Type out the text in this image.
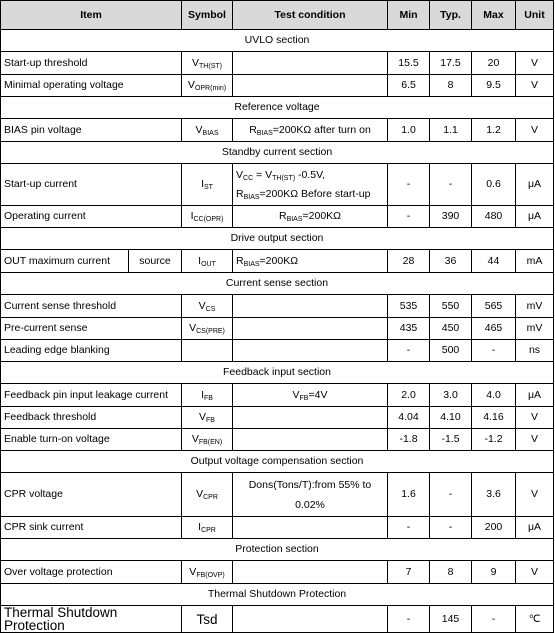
Item		Symbol	Test condition	Min	Typ.	Max	Unit
UVLO section							
Start-up threshold		$V_{TH(ST)}$		15.5	17.5	20	V
Minimal operating voltage		$V_{OPR(min)}$		6.5	8	9.5	V
Reference voltage							
BIAS pin voltage		$V_{BIAS}$	$R_{BIAS}=200K\Omega$ after turn on	1.0	1.1	1.2	V
Standby current section							
Start-up current		$I_{ST}$	$V_{CC} = V_{TH(ST)}$ -0.5V,
$R_{BIAS}=200K\Omega$ Before start-up	-	-	0.6	μA
Operating current		$I_{CC(OPR)}$	$R_{BIAS}=200K\Omega$	-	390	480	μA
Drive output section							
OUT maximum current	source	$I_{OUT}$	$R_{BIAS}=200K\Omega$	28	36	44	mA
Current sense section							
Current sense threshold		$V_{CS}$		535	550	565	mV
Pre-current sense		$V_{CS(PRE)}$		435	450	465	mV
Leading edge blanking				-	500	-	ns
Feedback input section							
Feedback pin input leakage current		$I_{FB}$	$V_{FB}=4V$	2.0	3.0	4.0	μA
Feedback threshold		$V_{FB}$		4.04	4.10	4.16	V
Enable turn-on voltage		$V_{FB(EN)}$		-1.8	-1.5	-1.2	V
Output voltage compensation section							
CPR voltage		$V_{CPR}$	Dons(Tons/T):from 55% to
0.02%	1.6	-	3.6	V
CPR sink current		$I_{CPR}$		-	-	200	μA
Protection section							
Over voltage protection		$V_{FB(OVP)}$		7	8	9	V
Thermal Shutdown Protection							
Thermal Shutdown Protection		Tsd		-	145	-	℃
